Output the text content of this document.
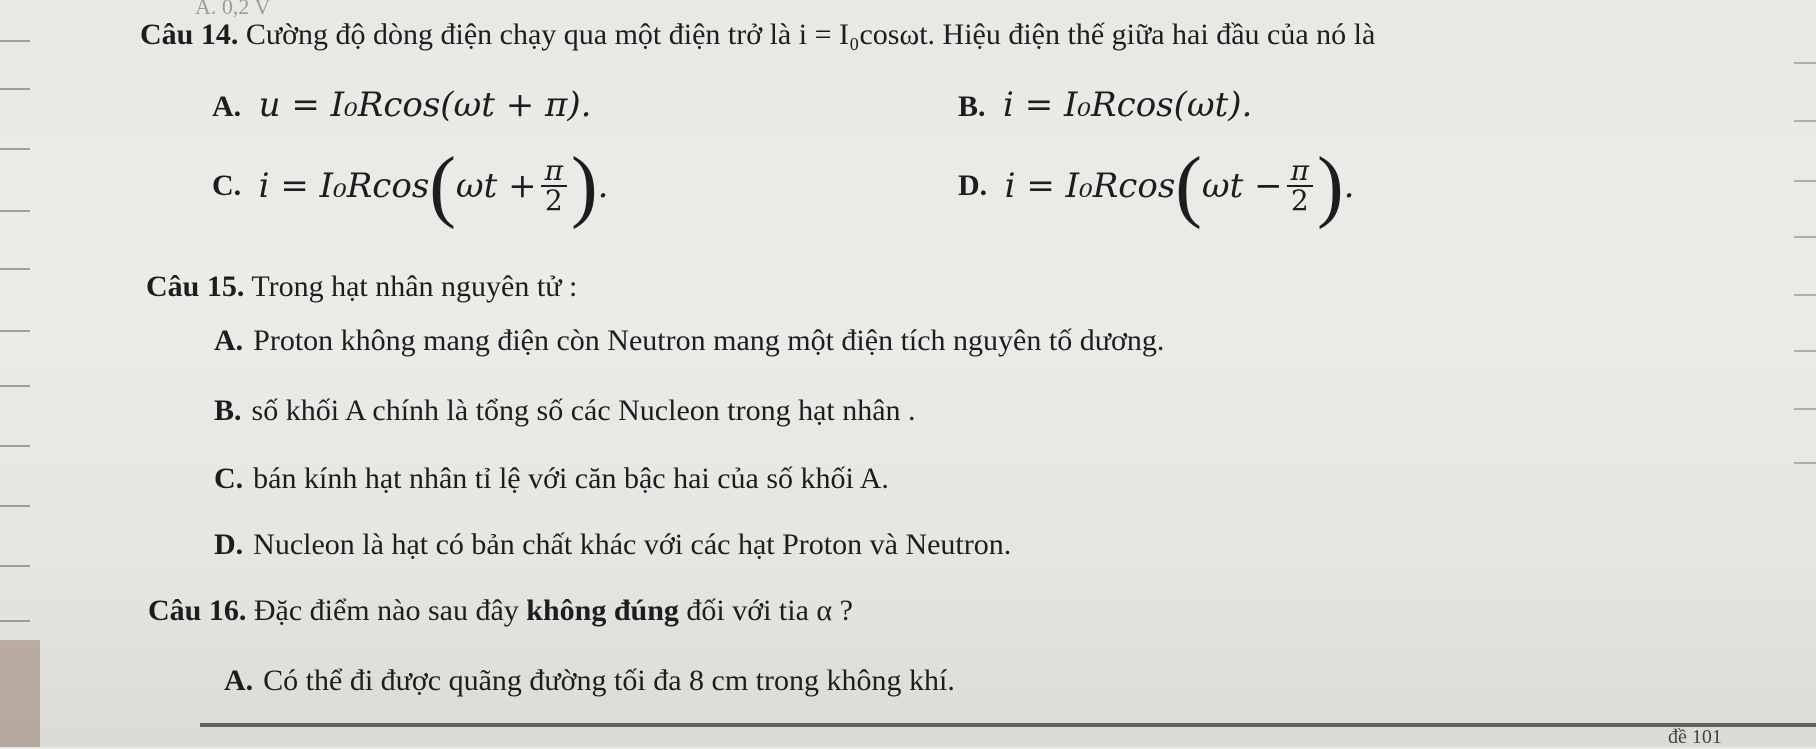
A. 0,2 V
Câu 14. Cường độ dòng điện chạy qua một điện trở là i = I₀cosωt. Hiệu điện thế giữa hai đầu của nó là
A. u = I₀Rcos(ωt + π).	B. i = I₀Rcos(ωt).
C. $i = I_0Rcos(\omega t + \frac{\pi}{2}$ ).	D. $i = I_0Rcos(\omega t - \frac{\pi}{2}$ ).
Câu 15. Trong hạt nhân nguyên tử :
A. Proton không mang điện còn Neutron mang một điện tích nguyên tố dương.
B. số khối A chính là tổng số các Nucleon trong hạt nhân .
C. bán kính hạt nhân tỉ lệ với căn bậc hai của số khối A.
D. Nucleon là hạt có bản chất khác với các hạt Proton và Neutron.
Câu 16. Đặc điểm nào sau đây không đúng đối với tia α ?
A. Có thể đi được quãng đường tối đa 8 cm trong không khí.
đề 101
